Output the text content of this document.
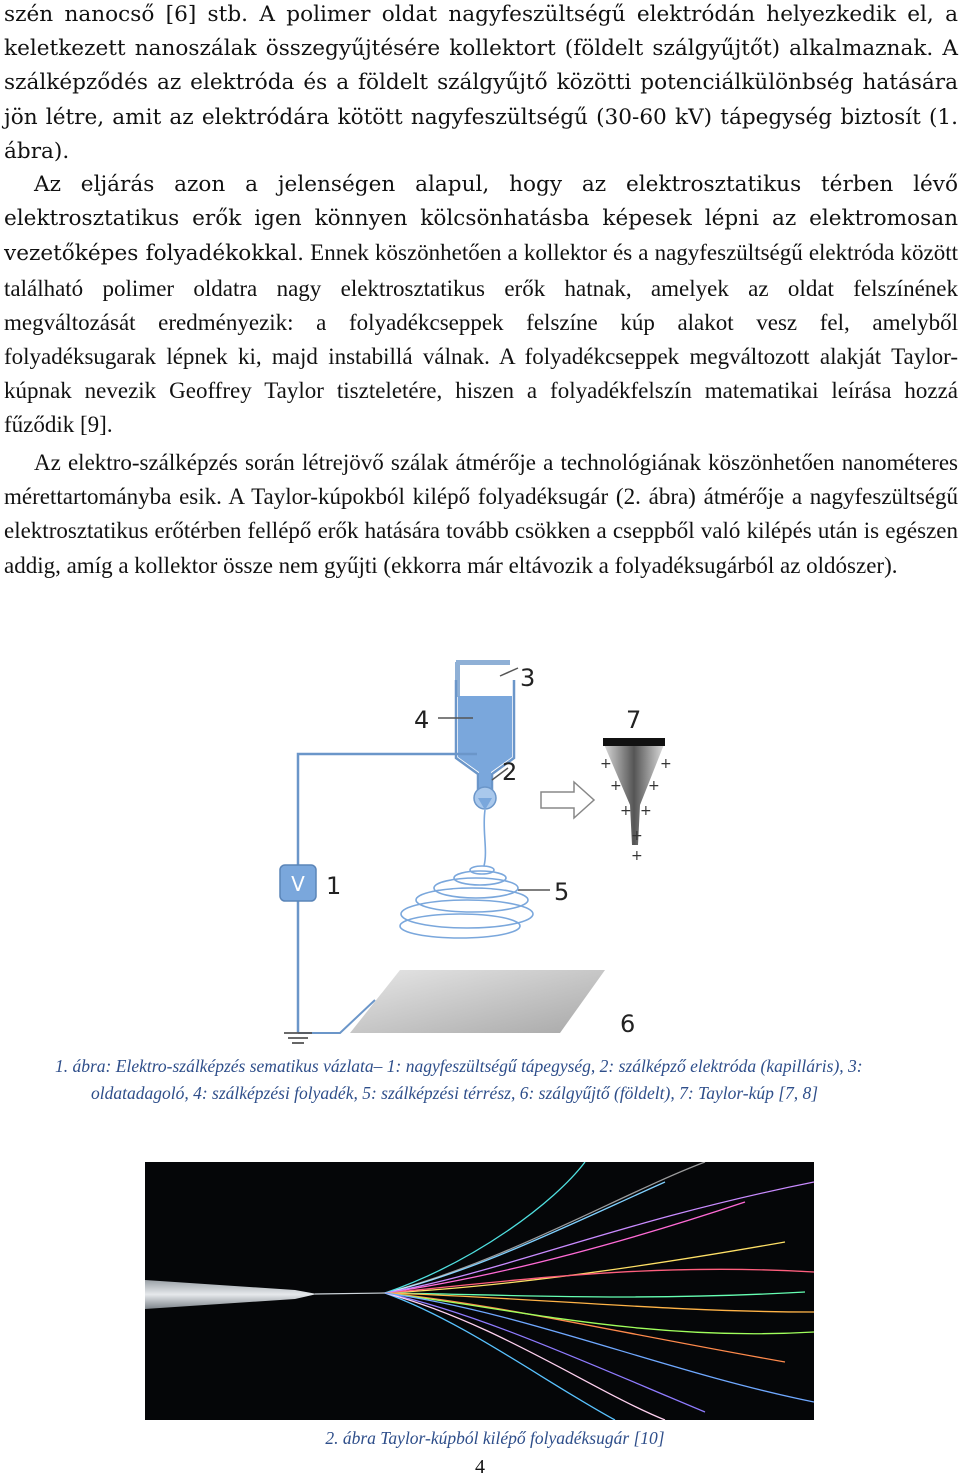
szén nanocső [6] stb. A polimer oldat nagyfeszültségű elektródán helyezkedik el, a keletkezett nanoszálak összegyűjtésére kollektort (földelt szálgyűjtőt) alkalmaznak. A szálképződés az elektróda és a földelt szálgyűjtő közötti potenciálkülönbség hatására jön létre, amit az elektródára kötött nagyfeszültségű (30-60 kV) tápegység biztosít (1. ábra).

Az eljárás azon a jelenségen alapul, hogy az elektrosztatikus térben lévő elektrosztatikus erők igen könnyen kölcsönhatásba képesek lépni az elektromosan vezetőképes folyadékokkal. Ennek köszönhetően a kollektor és a nagyfeszültségű elektróda között található polimer oldatra nagy elektrosztatikus erők hatnak, amelyek az oldat felszínének megváltozását eredményezik: a folyadékcseppek felszíne kúp alakot vesz fel, amelyből folyadéksugarak lépnek ki, majd instabillá válnak. A folyadékcseppek megváltozott alakját Taylor-kúpnak nevezik Geoffrey Taylor tiszteletére, hiszen a folyadékfelszín matematikai leírása hozzá fűződik [9].

Az elektro-szálképzés során létrejövő szálak átmérője a technológiának köszönhetően nanométeres mérettartományba esik. A Taylor-kúpokból kilépő folyadéksugár (2. ábra) átmérője a nagyfeszültségű elektrosztatikus erőtérben fellépő erők hatására tovább csökken a cseppből való kilépés után is egészen addig, amíg a kollektor össze nem gyűjti (ekkorra már eltávozik a folyadéksugárból az oldószer).

V
+	+
+ +
+ +
+
+
3
4	7
2
1	5
6

1. ábra: Elektro-szálképzés sematikus vázlata– 1: nagyfeszültségű tápegység, 2: szálképző elektróda (kapilláris), 3:
oldatadagoló, 4: szálképzési folyadék, 5: szálképzési térrész, 6: szálgyűjtő (földelt), 7: Taylor-kúp [7, 8]

2. ábra Taylor-kúpból kilépő folyadéksugár [10]

4
